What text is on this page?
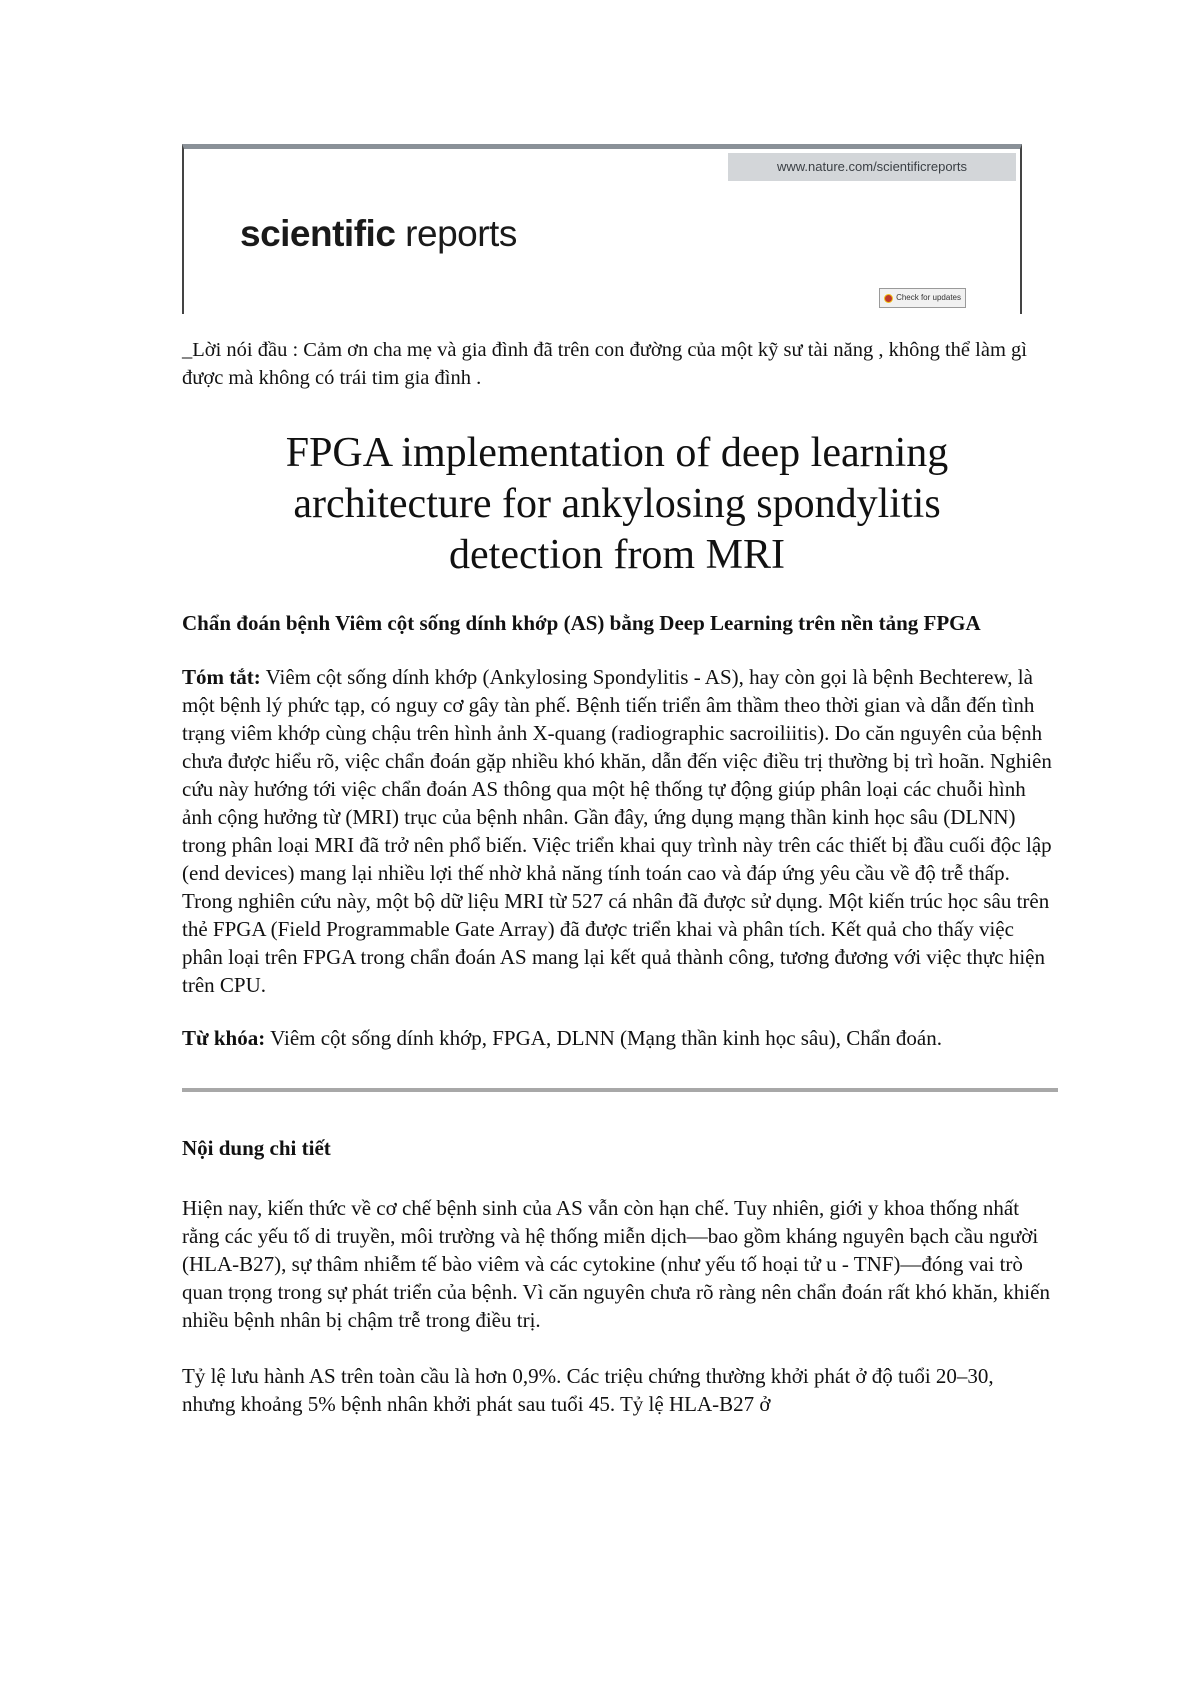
www.nature.com/scientificreports
scientific reports
Check for updates

_Lời nói đầu : Cảm ơn cha mẹ và gia đình đã trên con đường của một kỹ sư tài năng , không thể làm gì được mà không có trái tim gia đình .

FPGA implementation of deep learning architecture for ankylosing spondylitis detection from MRI

Chẩn đoán bệnh Viêm cột sống dính khớp (AS) bằng Deep Learning trên nền tảng FPGA

Tóm tắt: Viêm cột sống dính khớp (Ankylosing Spondylitis - AS), hay còn gọi là bệnh Bechterew, là một bệnh lý phức tạp, có nguy cơ gây tàn phế. Bệnh tiến triển âm thầm theo thời gian và dẫn đến tình trạng viêm khớp cùng chậu trên hình ảnh X-quang (radiographic sacroiliitis). Do căn nguyên của bệnh chưa được hiểu rõ, việc chẩn đoán gặp nhiều khó khăn, dẫn đến việc điều trị thường bị trì hoãn. Nghiên cứu này hướng tới việc chẩn đoán AS thông qua một hệ thống tự động giúp phân loại các chuỗi hình ảnh cộng hưởng từ (MRI) trục của bệnh nhân. Gần đây, ứng dụng mạng thần kinh học sâu (DLNN) trong phân loại MRI đã trở nên phổ biến. Việc triển khai quy trình này trên các thiết bị đầu cuối độc lập (end devices) mang lại nhiều lợi thế nhờ khả năng tính toán cao và đáp ứng yêu cầu về độ trễ thấp. Trong nghiên cứu này, một bộ dữ liệu MRI từ 527 cá nhân đã được sử dụng. Một kiến trúc học sâu trên thẻ FPGA (Field Programmable Gate Array) đã được triển khai và phân tích. Kết quả cho thấy việc phân loại trên FPGA trong chẩn đoán AS mang lại kết quả thành công, tương đương với việc thực hiện trên CPU.

Từ khóa: Viêm cột sống dính khớp, FPGA, DLNN (Mạng thần kinh học sâu), Chẩn đoán.

Nội dung chi tiết

Hiện nay, kiến thức về cơ chế bệnh sinh của AS vẫn còn hạn chế. Tuy nhiên, giới y khoa thống nhất rằng các yếu tố di truyền, môi trường và hệ thống miễn dịch—bao gồm kháng nguyên bạch cầu người (HLA-B27), sự thâm nhiễm tế bào viêm và các cytokine (như yếu tố hoại tử u - TNF)—đóng vai trò quan trọng trong sự phát triển của bệnh. Vì căn nguyên chưa rõ ràng nên chẩn đoán rất khó khăn, khiến nhiều bệnh nhân bị chậm trễ trong điều trị.

Tỷ lệ lưu hành AS trên toàn cầu là hơn 0,9%. Các triệu chứng thường khởi phát ở độ tuổi 20–30, nhưng khoảng 5% bệnh nhân khởi phát sau tuổi 45. Tỷ lệ HLA-B27 ở
